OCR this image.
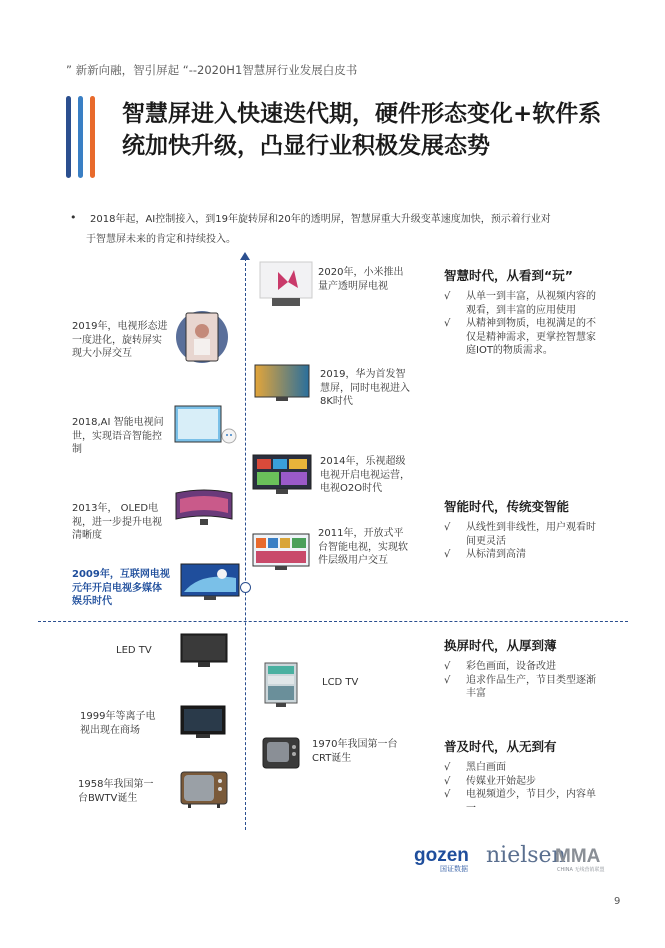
” 新新向融，智引屏起 “--2020H1智慧屏行业发展白皮书
智慧屏进入快速迭代期，硬件形态变化+软件系统加快升级，凸显行业积极发展态势
• 2018年起，AI控制接入，到19年旋转屏和20年的透明屏，智慧屏重大升级变革速度加快，预示着行业对
于智慧屏未来的肯定和持续投入。
2020年，小米推出量产透明屏电视
2019，华为首发智慧屏，同时电视进入8K时代
2014年，乐视超级电视开启电视运营，电视O2O时代
2011年，开放式平台智能电视，实现软件层级用户交互
LCD TV
1970年我国第一台CRT诞生
2019年，电视形态进一度进化，旋转屏实现大小屏交互
2018,AI 智能电视问世，实现语音智能控制
2013年， OLED电视，进一步提升电视清晰度
2009年，互联网电视元年开启电视多媒体娱乐时代
LED TV
1999年等离子电视出现在商场
1958年我国第一台BWTV诞生
智慧时代，从看到“玩”
√	从单一到丰富，从视频内容的观看，到丰富的应用使用
√	从精神到物质，电视满足的不仅是精神需求，更掌控智慧家庭IOT的物质需求。
智能时代，传统变智能
√	从线性到非线性，用户观看时间更灵活
√	从标清到高清
换屏时代，从厚到薄
√	彩色画面，设备改进
√	追求作品生产，节目类型逐渐丰富
普及时代，从无到有
√	黑白画面
√	传媒业开始起步
√	电视频道少，节目少，内容单一
gozen
国证数据
nielsen
MMA
CHINA 无线营销联盟
9
